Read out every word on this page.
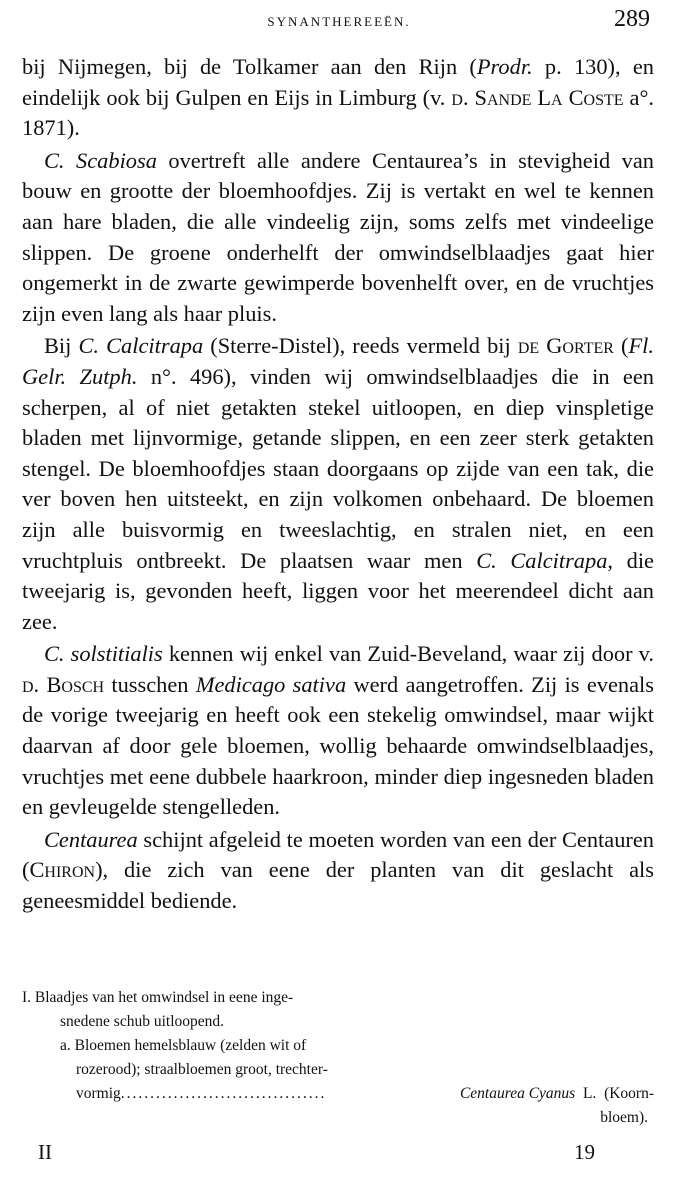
SYNANTHEREEËN.	289

bij Nijmegen, bij de Tolkamer aan den Rijn (Prodr. p. 130), en eindelijk ook bij Gulpen en Eijs in Limburg (v. d. Sande La Coste a°. 1871).

C. Scabiosa overtreft alle andere Centaurea’s in stevigheid van bouw en grootte der bloemhoofdjes. Zij is vertakt en wel te kennen aan hare bladen, die alle vindeelig zijn, soms zelfs met vindeelige slippen. De groene onderhelft der omwindselblaadjes gaat hier ongemerkt in de zwarte gewimperde bovenhelft over, en de vruchtjes zijn even lang als haar pluis.

Bij C. Calcitrapa (Sterre-Distel), reeds vermeld bij de Gorter (Fl. Gelr. Zutph. n°. 496), vinden wij omwindselblaadjes die in een scherpen, al of niet getakten stekel uitloopen, en diep vinspletige bladen met lijnvormige, getande slippen, en een zeer sterk getakten stengel. De bloemhoofdjes staan doorgaans op zijde van een tak, die ver boven hen uitsteekt, en zijn volkomen onbehaard. De bloemen zijn alle buisvormig en tweeslachtig, en stralen niet, en een vruchtpluis ontbreekt. De plaatsen waar men C. Calcitrapa, die tweejarig is, gevonden heeft, liggen voor het meerendeel dicht aan zee.

C. solstitialis kennen wij enkel van Zuid-Beveland, waar zij door v. d. Bosch tusschen Medicago sativa werd aangetroffen. Zij is evenals de vorige tweejarig en heeft ook een stekelig omwindsel, maar wijkt daarvan af door gele bloemen, wollig behaarde omwindselblaadjes, vruchtjes met eene dubbele haarkroon, minder diep ingesneden bladen en gevleugelde stengelleden.

Centaurea schijnt afgeleid te moeten worden van een der Centauren (Chiron), die zich van eene der planten van dit geslacht als geneesmiddel bediende.

I. Blaadjes van het omwindsel in eene inge-
snedene schub uitloopend.
a. Bloemen hemelsblauw (zelden wit of
rozerood); straalbloemen groot, trechter-
vormig ...................................	Centaurea Cyanus L. (Koorn-
bloem).
II	19
